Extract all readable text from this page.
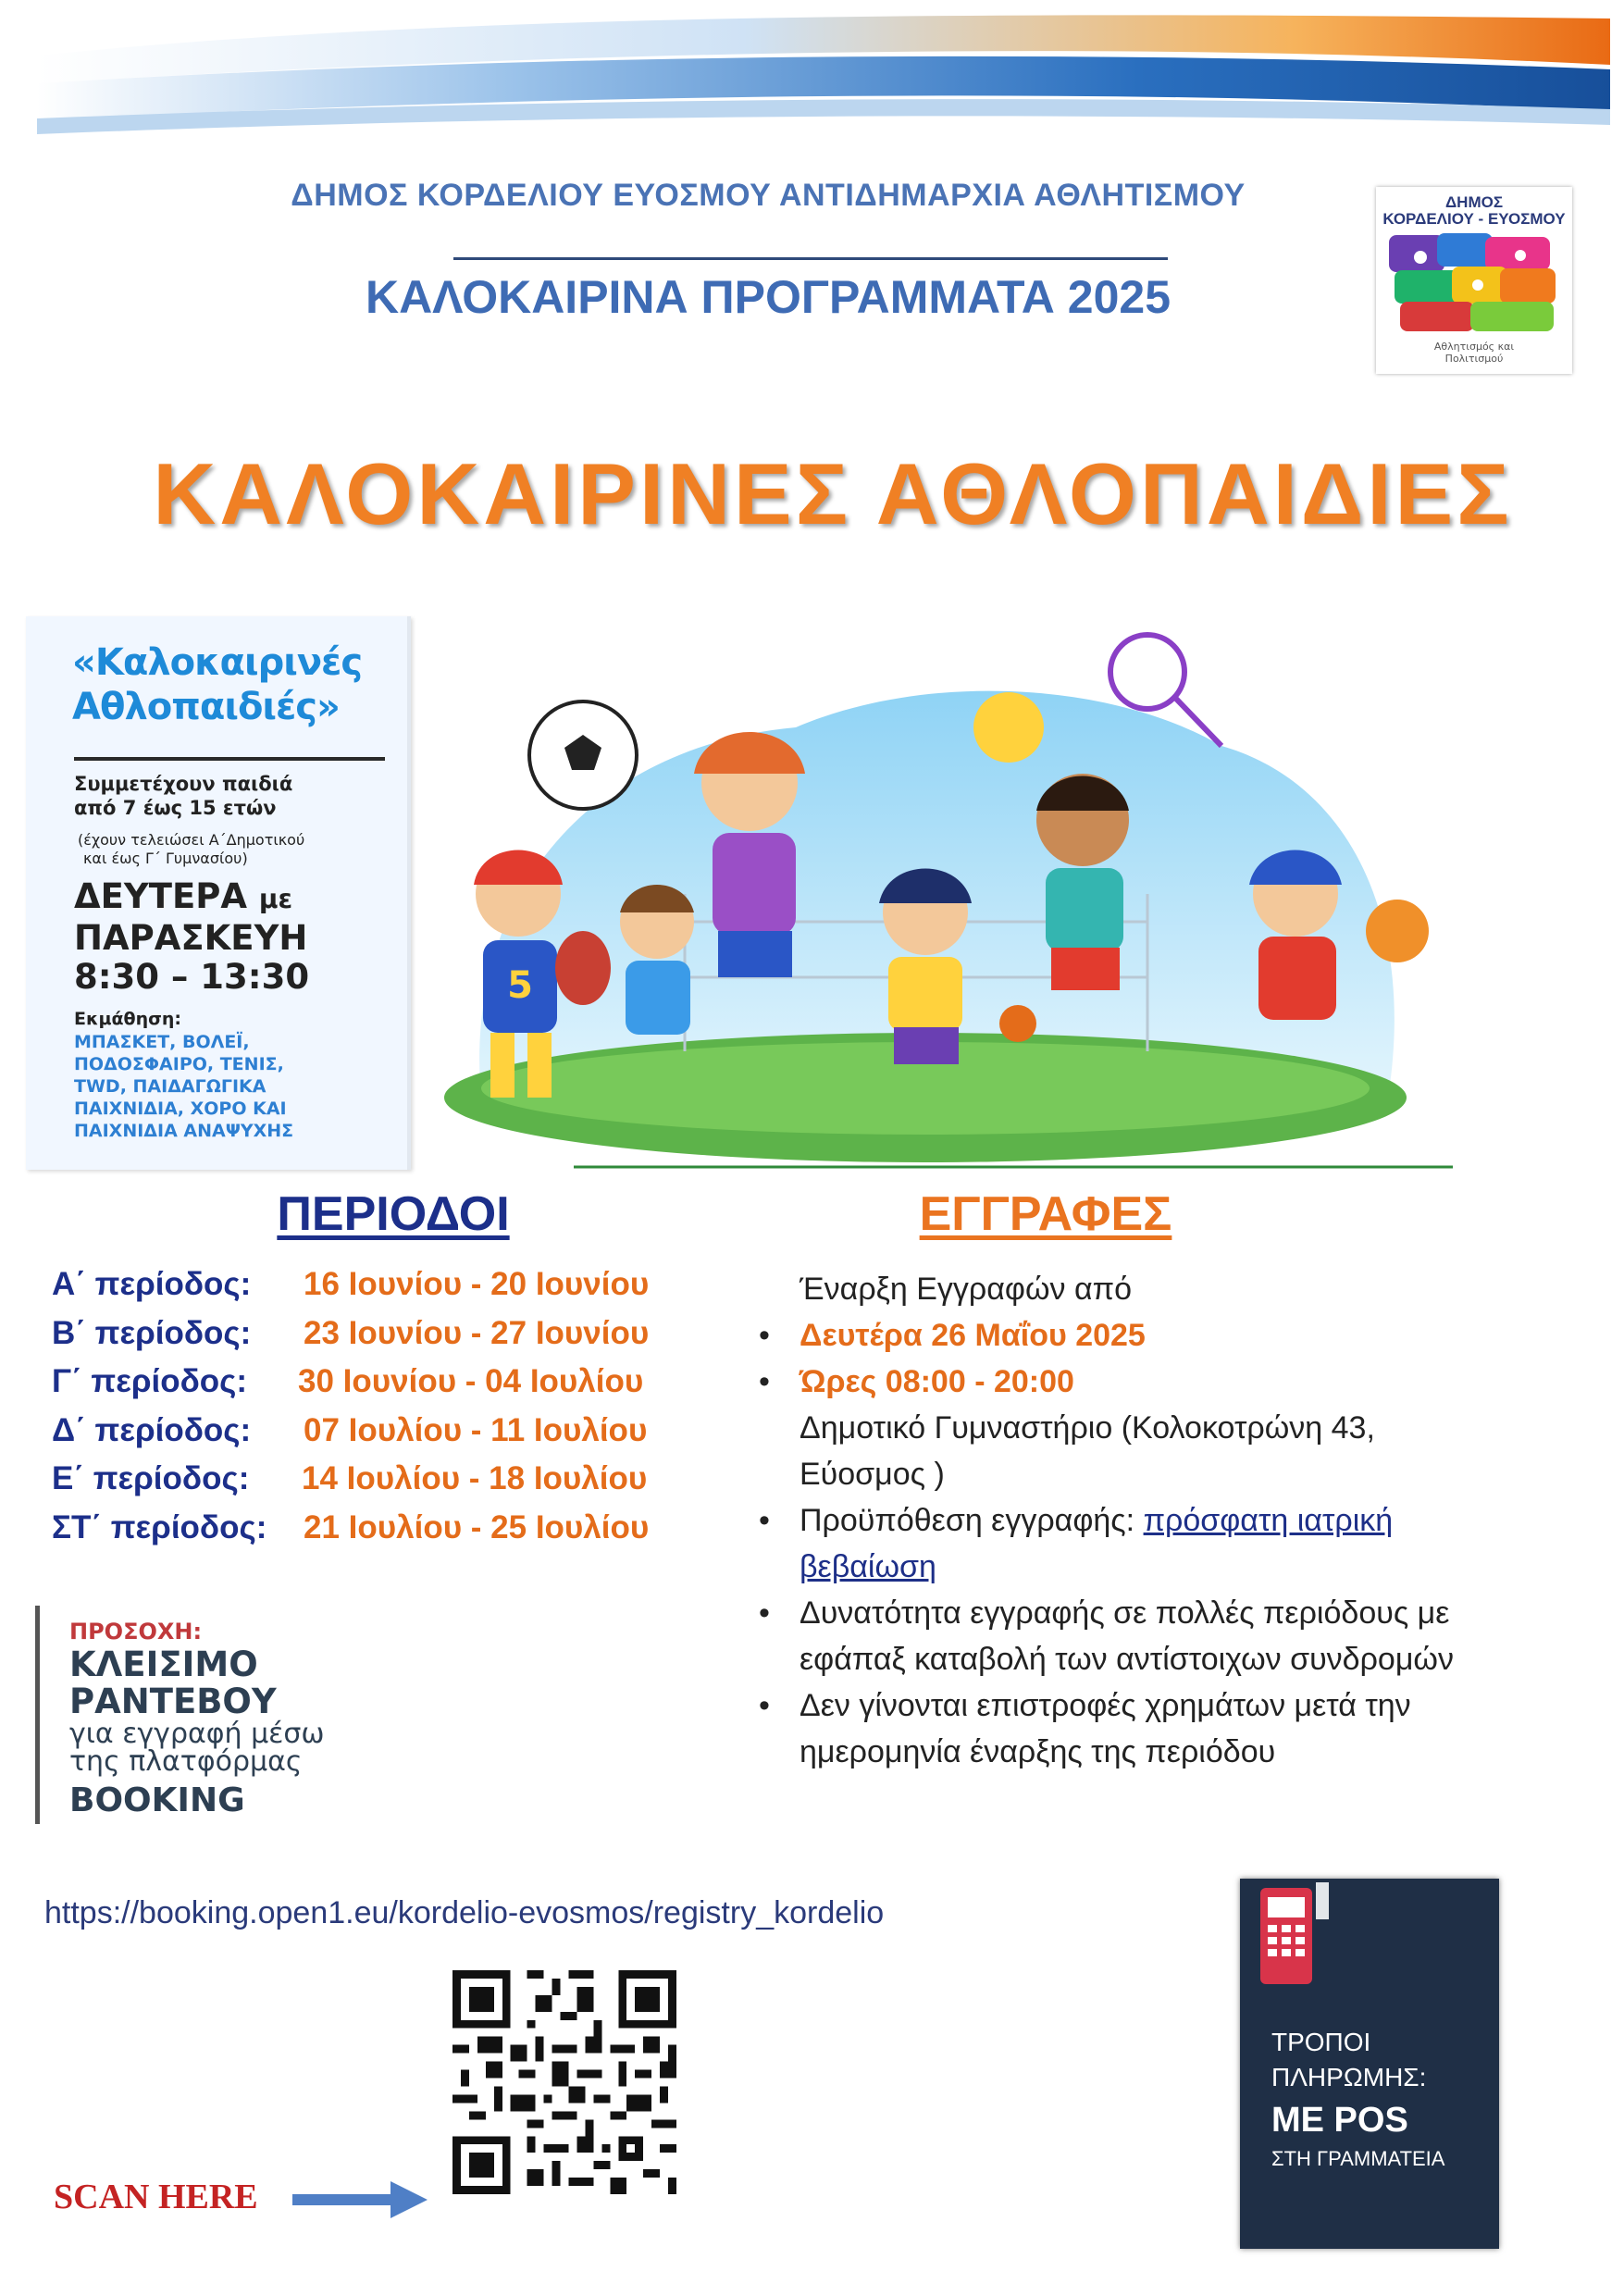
ΔΗΜΟΣ ΚΟΡΔΕΛΙΟΥ ΕΥΟΣΜΟΥ ΑΝΤΙΔΗΜΑΡΧΙΑ ΑΘΛΗΤΙΣΜΟΥ
ΚΑΛΟΚΑΙΡΙΝΑ ΠΡΟΓΡΑΜΜΑΤΑ 2025
ΔΗΜΟΣ
ΚΟΡΔΕΛΙΟΥ - ΕΥΟΣΜΟΥ
Αθλητισμός και
Πολιτισμού
ΚΑΛΟΚΑΙΡΙΝΕΣ ΑΘΛΟΠΑΙΔΙΕΣ
«Καλοκαιρινές
Αθλοπαιδιές»
Συμμετέχουν παιδιά
από 7 έως 15 ετών
(έχουν τελειώσει Α΄Δημοτικού
και έως Γ΄ Γυμνασίου)
ΔΕΥΤΕΡΑ με
ΠΑΡΑΣΚΕΥΗ
8:30 – 13:30
Εκμάθηση:
ΜΠΑΣΚΕΤ, ΒΟΛΕΪ,
ΠΟΔΟΣΦΑΙΡΟ, ΤΕΝΙΣ,
TWD, ΠΑΙΔΑΓΩΓΙΚΑ
ΠΑΙΧΝΙΔΙΑ, ΧΟΡΟ ΚΑΙ
ΠΑΙΧΝΙΔΙΑ ΑΝΑΨΥΧΗΣ
5
ΠΕΡΙΟΔΟΙ	ΕΓΓΡΑΦΕΣ
Α΄ περίοδος: 16 Ιουνίου - 20 Ιουνίου
Β΄ περίοδος: 23 Ιουνίου - 27 Ιουνίου
Γ΄ περίοδος: 30 Ιουνίου - 04 Ιουλίου
Δ΄ περίοδος: 07 Ιουλίου - 11 Ιουλίου
Ε΄ περίοδος: 14 Ιουλίου - 18 Ιουλίου
ΣΤ΄ περίοδος: 21 Ιουλίου - 25 Ιουλίου
Έναρξη Εγγραφών από
• Δευτέρα 26 Μαΐου 2025
• Ώρες 08:00 - 20:00
Δημοτικό Γυμναστήριο (Κολοκοτρώνη 43,
Εύοσμος )
• Προϋπόθεση εγγραφής: πρόσφατη ιατρική
βεβαίωση
• Δυνατότητα εγγραφής σε πολλές περιόδους με
εφάπαξ καταβολή των αντίστοιχων συνδρομών
• Δεν γίνονται επιστροφές χρημάτων μετά την
ημερομηνία έναρξης της περιόδου
ΠΡΟΣΟΧΗ:
ΚΛΕΙΣΙΜΟ
ΡΑΝΤΕΒΟΥ
για εγγραφή μέσω
της πλατφόρμας
BOOKING
https://booking.open1.eu/kordelio-evosmos/registry_kordelio
SCAN HERE
ΤΡΟΠΟΙ
ΠΛΗΡΩΜΗΣ:
ΜΕ POS
ΣΤΗ ΓΡΑΜΜΑΤΕΙΑ
